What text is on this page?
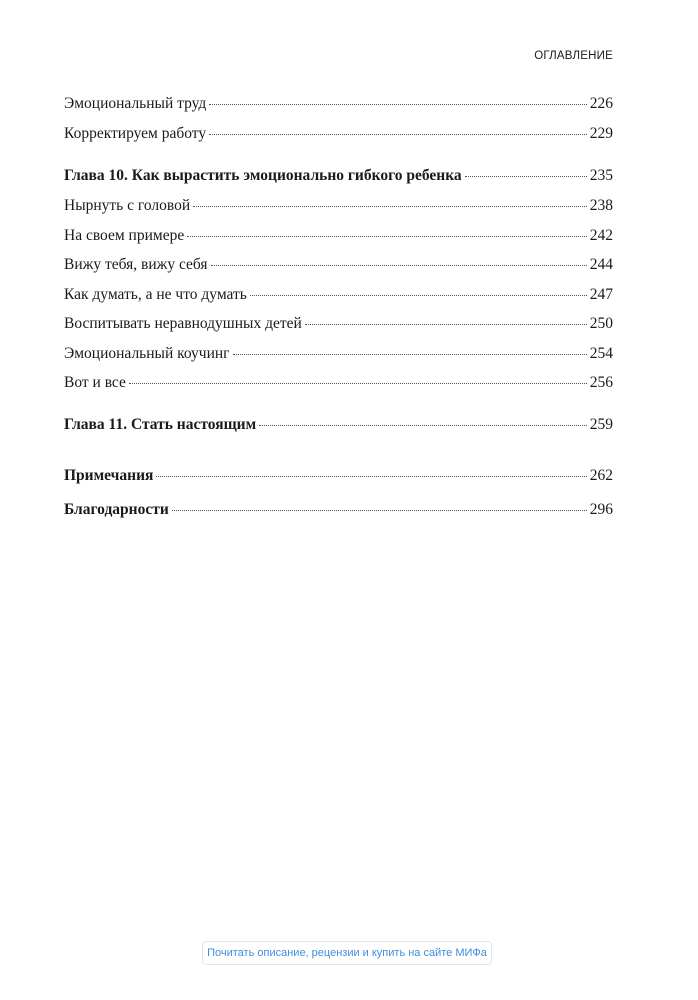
ОГЛАВЛЕНИЕ
Эмоциональный труд	226
Корректируем работу	229
Глава 10. Как вырастить эмоционально гибкого ребенка	235
Нырнуть с головой	238
На своем примере	242
Вижу тебя, вижу себя	244
Как думать, а не что думать	247
Воспитывать неравнодушных детей	250
Эмоциональный коучинг	254
Вот и все	256
Глава 11. Стать настоящим	259
Примечания	262
Благодарности	296
Почитать описание, рецензии и купить на сайте МИФа
